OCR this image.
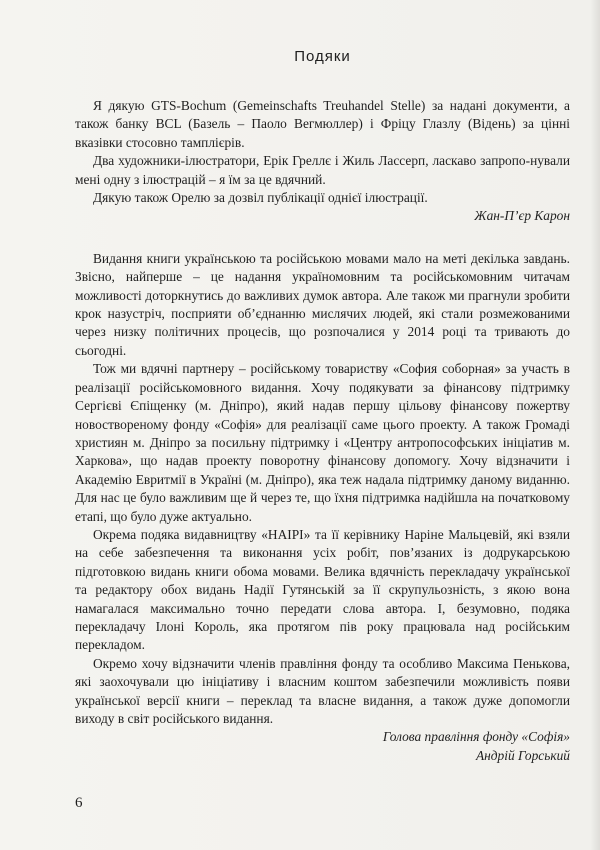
Подяки

Я дякую GTS-Bochum (Gemeinschafts Treuhandel Stelle) за надані документи, а також банку BCL (Базель – Паоло Вегмюллер) і Фріцу Глазлу (Відень) за цінні вказівки стосовно тамплієрів.

Два художники-ілюстратори, Ерік Греллє і Жиль Лассерп, ласкаво запропо-нували мені одну з ілюстрацій – я їм за це вдячний.

Дякую також Орелю за дозвіл публікації однієї ілюстрації.

Жан-П’єр Карон

Видання книги українською та російською мовами мало на меті декілька завдань. Звісно, найперше – це надання україномовним та російськомовним читачам можливості доторкнутись до важливих думок автора. Але також ми прагнули зробити крок назустріч, посприяти об’єднанню мислячих людей, які стали розмежованими через низку політичних процесів, що розпочалися у 2014 році та тривають до сьогодні.

Тож ми вдячні партнеру – російському товариству «София соборная» за участь в реалізації російськомовного видання. Хочу подякувати за фінансову підтримку Сергієві Єпіщенку (м. Дніпро), який надав першу цільову фінансову пожертву новоствореному фонду «Софія» для реалізації саме цього проекту. А також Громаді християн м. Дніпро за посильну підтримку і «Центру антропософських ініціатив м. Харкова», що надав проекту поворотну фінансову допомогу. Хочу відзначити і Академію Евритмії в Україні (м. Дніпро), яка теж надала підтримку даному виданню. Для нас це було важливим ще й через те, що їхня підтримка надійшла на початковому етапі, що було дуже актуально.

Окрема подяка видавництву «НАІРІ» та її керівнику Наріне Мальцевій, які взяли на себе забезпечення та виконання усіх робіт, пов’язаних із додрукарською підготовкою видань книги обома мовами. Велика вдячність перекладачу української та редактору обох видань Надії Гутянській за її скрупульозність, з якою вона намагалася максимально точно передати слова автора. І, безумовно, подяка перекладачу Ілоні Король, яка протягом пів року працювала над російським перекладом.

Окремо хочу відзначити членів правління фонду та особливо Максима Пенькова, які заохочували цю ініціативу і власним коштом забезпечили можливість появи української версії книги – переклад та власне видання, а також дуже допомогли виходу в світ російського видання.

Голова правління фонду «Софія»

Андрій Горський

6
